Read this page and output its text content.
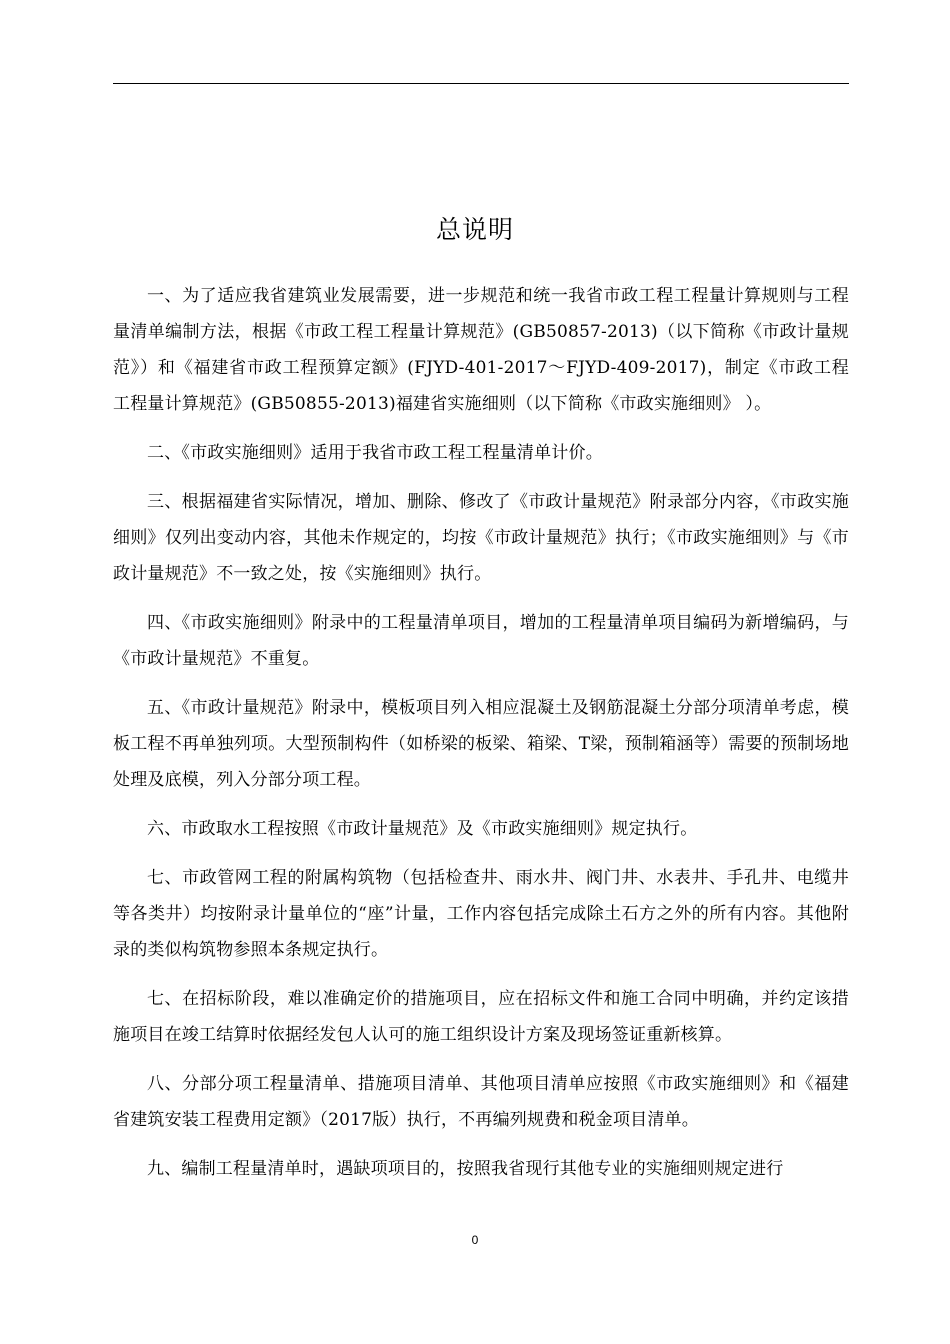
总说明

一、为了适应我省建筑业发展需要，进一步规范和统一我省市政工程工程量计算规则与工程量清单编制方法，根据《市政工程工程量计算规范》(GB50857-2013)（以下简称《市政计量规范》）和《福建省市政工程预算定额》(FJYD-401-2017～FJYD-409-2017)，制定《市政工程工程量计算规范》(GB50855-2013)福建省实施细则（以下简称《市政实施细则》 ）。

二、《市政实施细则》适用于我省市政工程工程量清单计价。

三、根据福建省实际情况，增加、删除、修改了《市政计量规范》附录部分内容，《市政实施细则》仅列出变动内容，其他未作规定的，均按《市政计量规范》执行；《市政实施细则》与《市政计量规范》不一致之处，按《实施细则》执行。

四、《市政实施细则》附录中的工程量清单项目，增加的工程量清单项目编码为新增编码，与《市政计量规范》不重复。

五、《市政计量规范》附录中，模板项目列入相应混凝土及钢筋混凝土分部分项清单考虑，模板工程不再单独列项。大型预制构件（如桥梁的板梁、箱梁、T梁，预制箱涵等）需要的预制场地处理及底模，列入分部分项工程。

六、市政取水工程按照《市政计量规范》及《市政实施细则》规定执行。

七、市政管网工程的附属构筑物（包括检查井、雨水井、阀门井、水表井、手孔井、电缆井等各类井）均按附录计量单位的“座”计量，工作内容包括完成除土石方之外的所有内容。其他附录的类似构筑物参照本条规定执行。

七、在招标阶段，难以准确定价的措施项目，应在招标文件和施工合同中明确，并约定该措施项目在竣工结算时依据经发包人认可的施工组织设计方案及现场签证重新核算。

八、分部分项工程量清单、措施项目清单、其他项目清单应按照《市政实施细则》和《福建省建筑安装工程费用定额》（2017版）执行，不再编列规费和税金项目清单。

九、编制工程量清单时，遇缺项项目的，按照我省现行其他专业的实施细则规定进行

0
